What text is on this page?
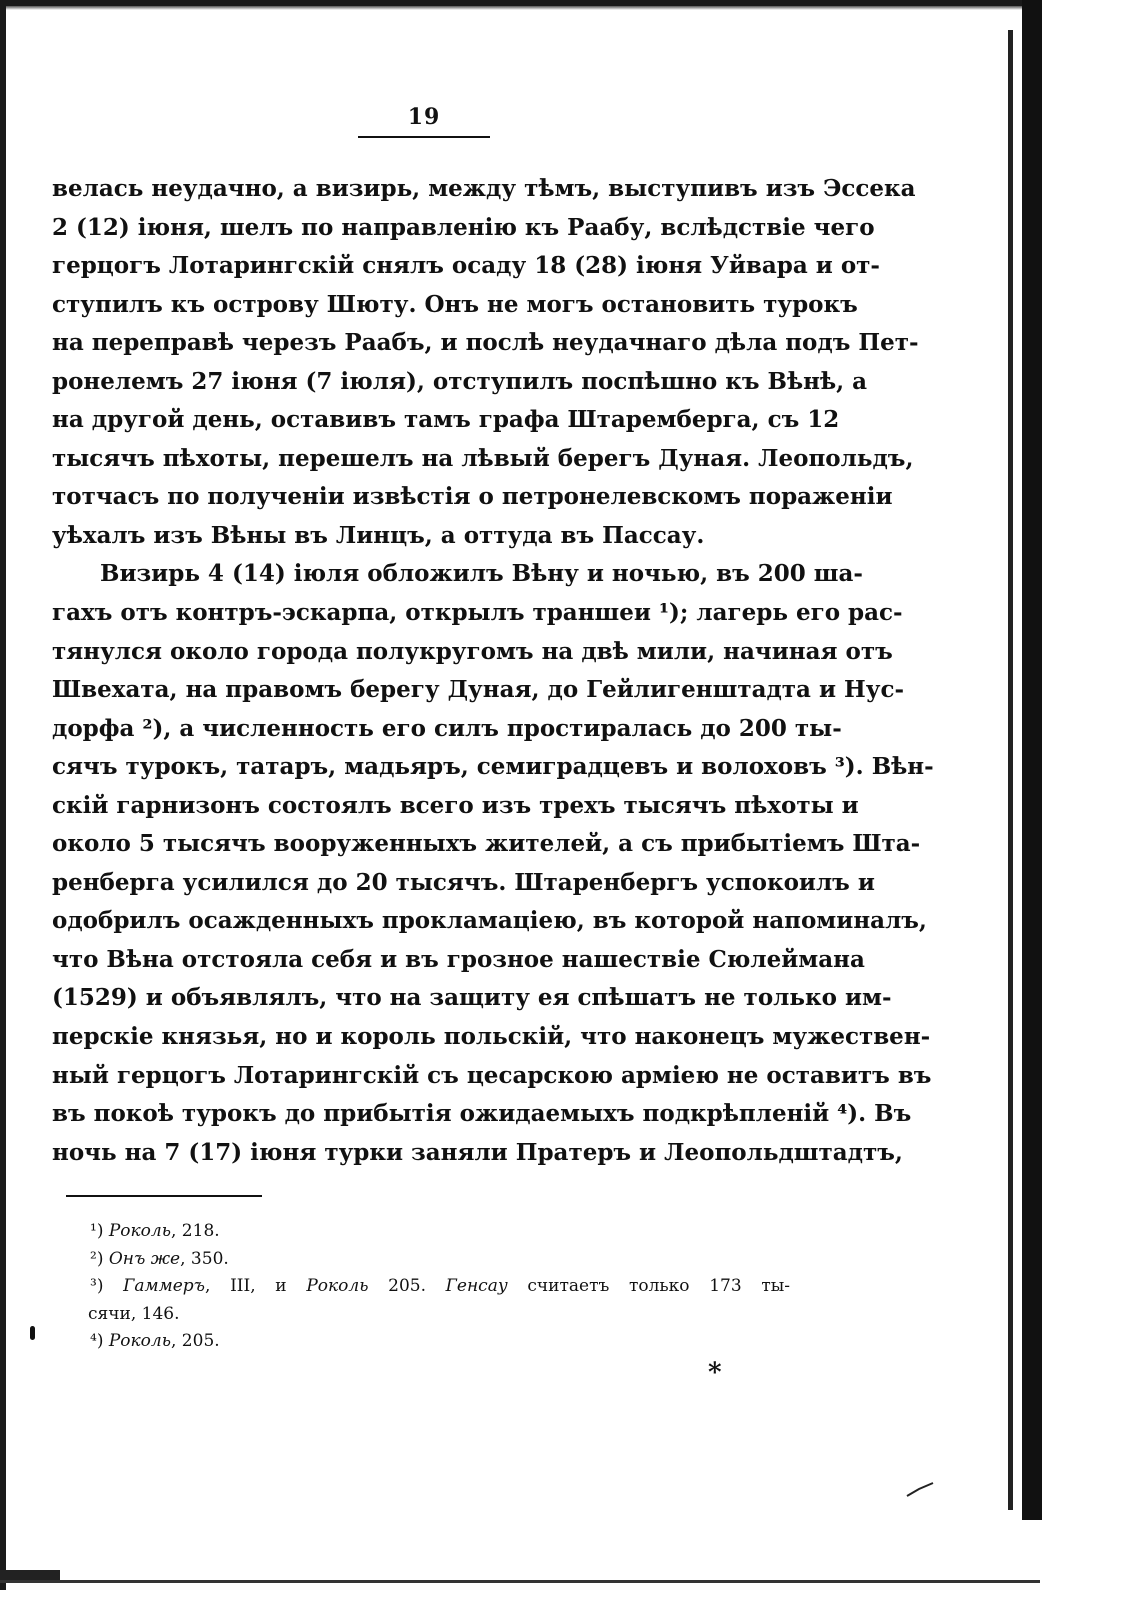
19
велась неудачно, а визирь, между тѣмъ, выступивъ изъ Эссека
2 (12) іюня, шелъ по направленію къ Раабу, вслѣдствіе чего
герцогъ Лотарингскій снялъ осаду 18 (28) іюня Уйвара и от-
ступилъ къ острову Шюту. Онъ не могъ остановить турокъ
на переправѣ черезъ Раабъ, и послѣ неудачнаго дѣла подъ Пет-
ронелемъ 27 іюня (7 іюля), отступилъ поспѣшно къ Вѣнѣ, а
на другой день, оставивъ тамъ графа Штаремберга, съ 12
тысячъ пѣхоты, перешелъ на лѣвый берегъ Дуная. Леопольдъ,
тотчасъ по полученіи извѣстія о петронелевскомъ пораженіи
уѣхалъ изъ Вѣны въ Линцъ, а оттуда въ Пассау.
Визирь 4 (14) іюля обложилъ Вѣну и ночью, въ 200 ша-
гахъ отъ контръ-эскарпа, открылъ траншеи ¹); лагерь его рас-
тянулся около города полукругомъ на двѣ мили, начиная отъ
Швехата, на правомъ берегу Дуная, до Гейлигенштадта и Нус-
дорфа ²), а численность его силъ простиралась до 200 ты-
сячъ турокъ, татаръ, мадьяръ, семиградцевъ и волоховъ ³). Вѣн-
скій гарнизонъ состоялъ всего изъ трехъ тысячъ пѣхоты и
около 5 тысячъ вооруженныхъ жителей, а съ прибытіемъ Шта-
ренберга усилился до 20 тысячъ. Штаренбергъ успокоилъ и
одобрилъ осажденныхъ прокламаціею, въ которой напоминалъ,
что Вѣна отстояла себя и въ грозное нашествіе Сюлеймана
(1529) и объявлялъ, что на защиту ея спѣшатъ не только им-
перскіе князья, но и король польскій, что наконецъ мужествен-
ный герцогъ Лотарингскій съ цесарскою арміею не оставитъ въ
въ покоѣ турокъ до прибытія ожидаемыхъ подкрѣпленій ⁴). Въ
ночь на 7 (17) іюня турки заняли Пратеръ и Леопольдштадтъ,
¹) Рокoль, 218.
²) Онъ же, 350.
³) Гаммеръ, III, и Рокoль 205. Генсау считаетъ только 173 ты-
сячи, 146.
⁴) Рокoль, 205.
*
